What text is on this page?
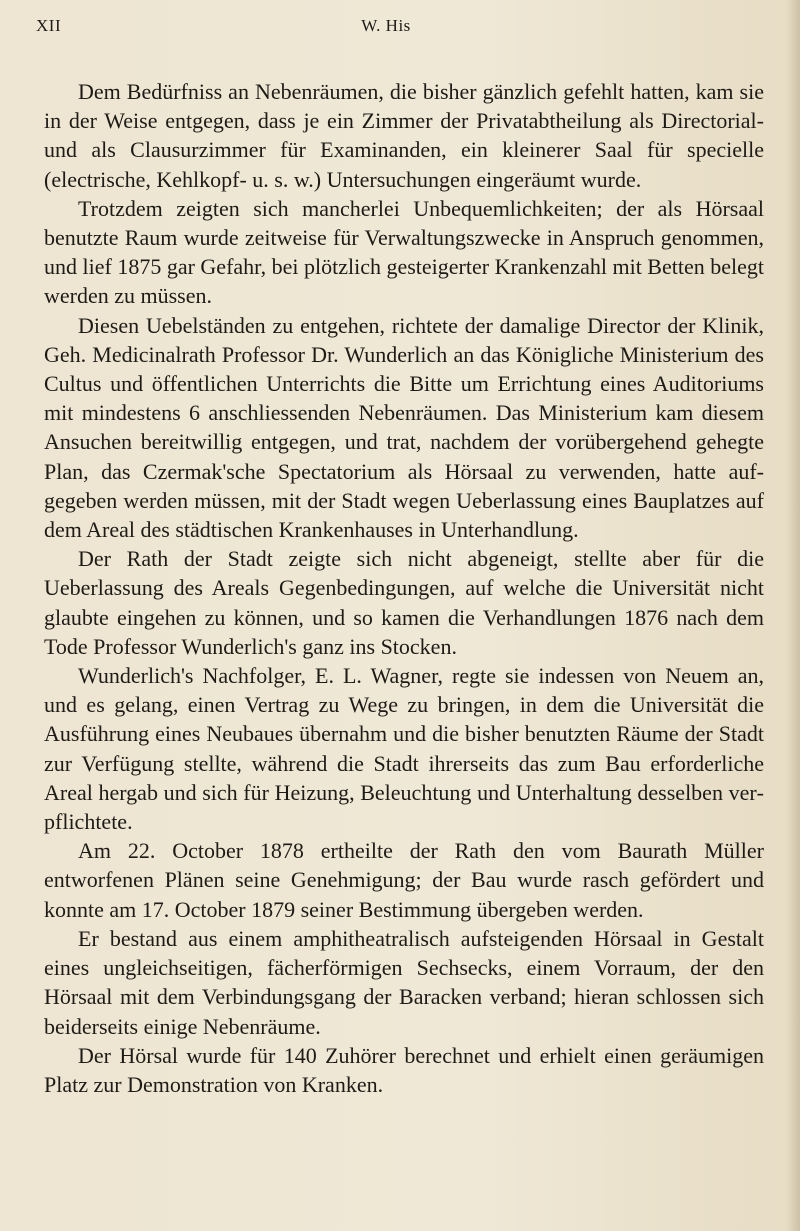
XII	W. His

Dem Bedürfniss an Nebenräumen, die bisher gänzlich gefehlt hatten, kam sie in der Weise entgegen, dass je ein Zimmer der Privatabtheilung als Directorial- und als Clausurzimmer für Examinanden, ein kleinerer Saal für specielle (electrische, Kehlkopf- u. s. w.) Untersuchungen eingeräumt wurde.

Trotzdem zeigten sich mancherlei Unbequemlichkeiten; der als Hörsaal benutzte Raum wurde zeitweise für Verwaltungszwecke in Anspruch genommen, und lief 1875 gar Gefahr, bei plötzlich gesteigerter Krankenzahl mit Betten belegt werden zu müssen.

Diesen Uebelständen zu entgehen, richtete der damalige Director der Klinik, Geh. Medicinalrath Professor Dr. Wunderlich an das Königliche Ministerium des Cultus und öffentlichen Unterrichts die Bitte um Errichtung eines Auditoriums mit mindestens 6 anschliessenden Nebenräumen. Das Ministerium kam diesem Ansuchen bereitwillig entgegen, und trat, nachdem der vorübergehend gehegte Plan, das Czermak'sche Spectatorium als Hörsaal zu verwenden, hatte aufgegeben werden müssen, mit der Stadt wegen Ueberlassung eines Bauplatzes auf dem Areal des städtischen Krankenhauses in Unterhandlung.

Der Rath der Stadt zeigte sich nicht abgeneigt, stellte aber für die Ueberlassung des Areals Gegenbedingungen, auf welche die Universität nicht glaubte eingehen zu können, und so kamen die Verhandlungen 1876 nach dem Tode Professor Wunderlich's ganz ins Stocken.

Wunderlich's Nachfolger, E. L. Wagner, regte sie indessen von Neuem an, und es gelang, einen Vertrag zu Wege zu bringen, in dem die Universität die Ausführung eines Neubaues übernahm und die bisher benutzten Räume der Stadt zur Verfügung stellte, während die Stadt ihrerseits das zum Bau erforderliche Areal hergab und sich für Heizung, Beleuchtung und Unterhaltung desselben verpflichtete.

Am 22. October 1878 ertheilte der Rath den vom Baurath Müller entworfenen Plänen seine Genehmigung; der Bau wurde rasch gefördert und konnte am 17. October 1879 seiner Bestimmung übergeben werden.

Er bestand aus einem amphitheatralisch aufsteigenden Hörsaal in Gestalt eines ungleichseitigen, fächerförmigen Sechsecks, einem Vorraum, der den Hörsaal mit dem Verbindungsgang der Baracken verband; hieran schlossen sich beiderseits einige Nebenräume.

Der Hörsal wurde für 140 Zuhörer berechnet und erhielt einen geräumigen Platz zur Demonstration von Kranken.
